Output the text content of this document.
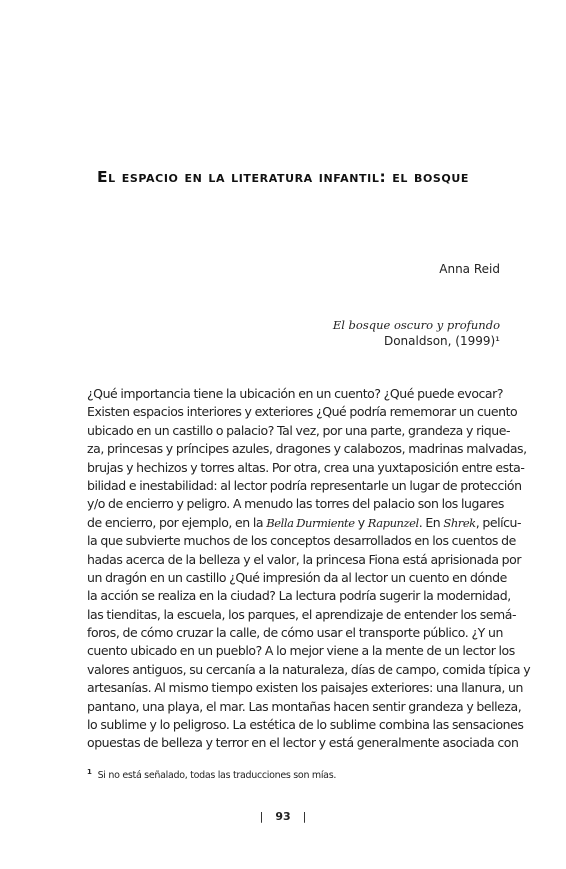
El espacio en la literatura infantil: el bosque
Anna Reid
El bosque oscuro y profundo
Donaldson, (1999)¹
¿Qué importancia tiene la ubicación en un cuento? ¿Qué puede evocar?
Existen espacios interiores y exteriores ¿Qué podría rememorar un cuento
ubicado en un castillo o palacio? Tal vez, por una parte, grandeza y rique-
za, princesas y príncipes azules, dragones y calabozos, madrinas malvadas,
brujas y hechizos y torres altas. Por otra, crea una yuxtaposición entre esta-
bilidad e inestabilidad: al lector podría representarle un lugar de protección
y/o de encierro y peligro. A menudo las torres del palacio son los lugares
de encierro, por ejemplo, en la Bella Durmiente y Rapunzel. En Shrek, pelícu-
la que subvierte muchos de los conceptos desarrollados en los cuentos de
hadas acerca de la belleza y el valor, la princesa Fiona está aprisionada por
un dragón en un castillo ¿Qué impresión da al lector un cuento en dónde
la acción se realiza en la ciudad? La lectura podría sugerir la modernidad,
las tienditas, la escuela, los parques, el aprendizaje de entender los semá-
foros, de cómo cruzar la calle, de cómo usar el transporte público. ¿Y un
cuento ubicado en un pueblo? A lo mejor viene a la mente de un lector los
valores antiguos, su cercanía a la naturaleza, días de campo, comida típica y
artesanías. Al mismo tiempo existen los paisajes exteriores: una llanura, un
pantano, una playa, el mar. Las montañas hacen sentir grandeza y belleza,
lo sublime y lo peligroso. La estética de lo sublime combina las sensaciones
opuestas de belleza y terror en el lector y está generalmente asociada con
$^1$ Si no está señalado, todas las traducciones son mías.
| 93 |
